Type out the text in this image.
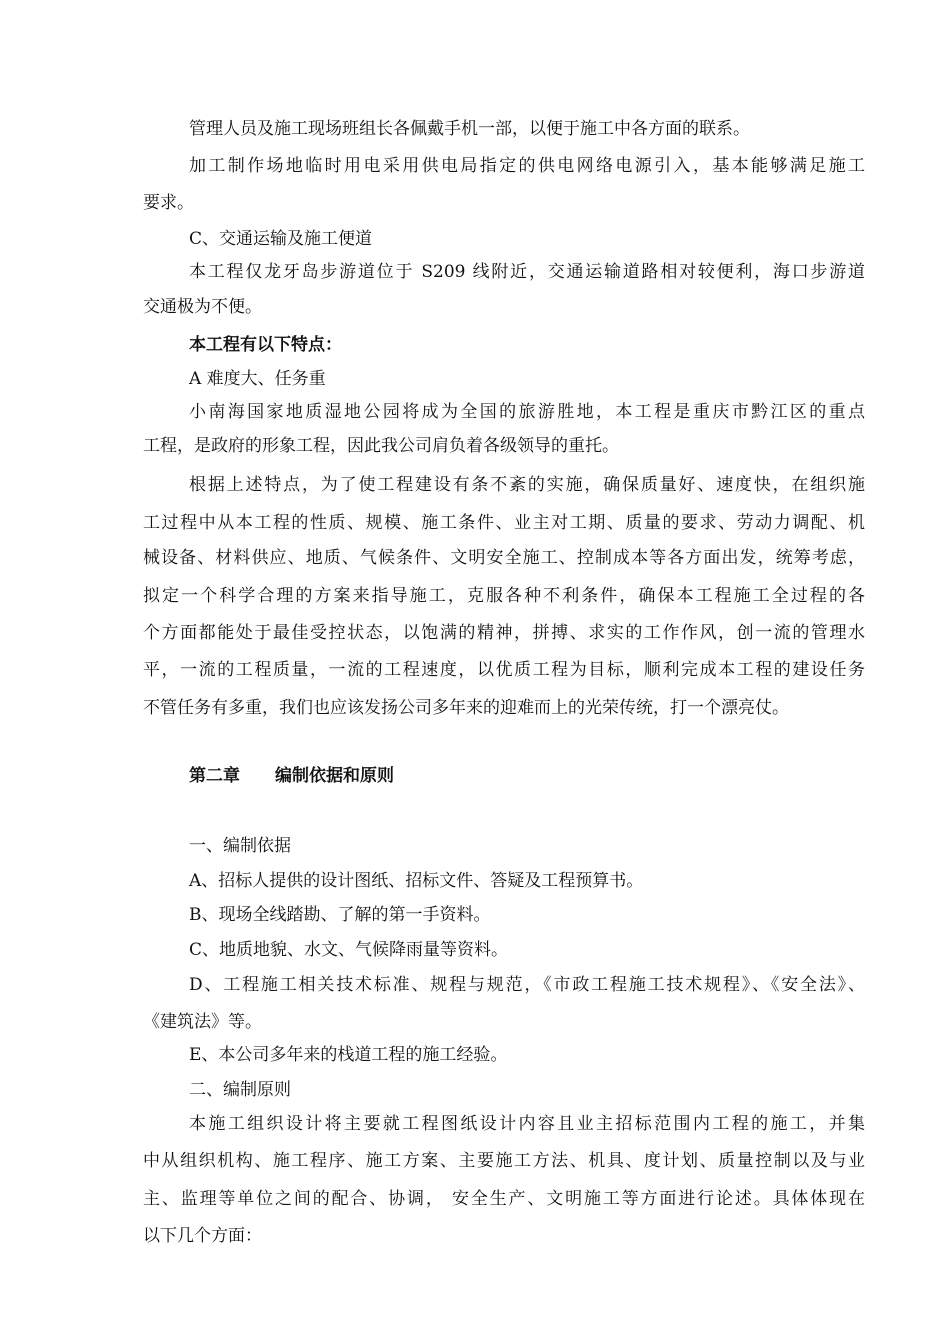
管理人员及施工现场班组长各佩戴手机一部，以便于施工中各方面的联系。
加工制作场地临时用电采用供电局指定的供电网络电源引入，基本能够满足施工
要求。
C、交通运输及施工便道
本工程仅龙牙岛步游道位于 S209 线附近，交通运输道路相对较便利，海口步游道
交通极为不便。
本工程有以下特点：
A 难度大、任务重
小南海国家地质湿地公园将成为全国的旅游胜地，本工程是重庆市黔江区的重点
工程，是政府的形象工程，因此我公司肩负着各级领导的重托。
根据上述特点，为了使工程建设有条不紊的实施，确保质量好、速度快，在组织施
工过程中从本工程的性质、规模、施工条件、业主对工期、质量的要求、劳动力调配、机
械设备、材料供应、地质、气候条件、文明安全施工、控制成本等各方面出发，统筹考虑，
拟定一个科学合理的方案来指导施工，克服各种不利条件，确保本工程施工全过程的各
个方面都能处于最佳受控状态，以饱满的精神，拼搏、求实的工作作风，创一流的管理水
平，一流的工程质量，一流的工程速度，以优质工程为目标，顺利完成本工程的建设任务
不管任务有多重，我们也应该发扬公司多年来的迎难而上的光荣传统，打一个漂亮仗。
第二章 编制依据和原则
一、编制依据
A、招标人提供的设计图纸、招标文件、答疑及工程预算书。
B、现场全线踏勘、了解的第一手资料。
C、地质地貌、水文、气候降雨量等资料。
D、工程施工相关技术标准、规程与规范，《市政工程施工技术规程》、《安全法》、
《建筑法》等。
E、本公司多年来的栈道工程的施工经验。
二、编制原则
本施工组织设计将主要就工程图纸设计内容且业主招标范围内工程的施工，并集
中从组织机构、施工程序、施工方案、主要施工方法、机具、度计划、质量控制以及与业
主、监理等单位之间的配合、协调， 安全生产、文明施工等方面进行论述。具体体现在
以下几个方面：
